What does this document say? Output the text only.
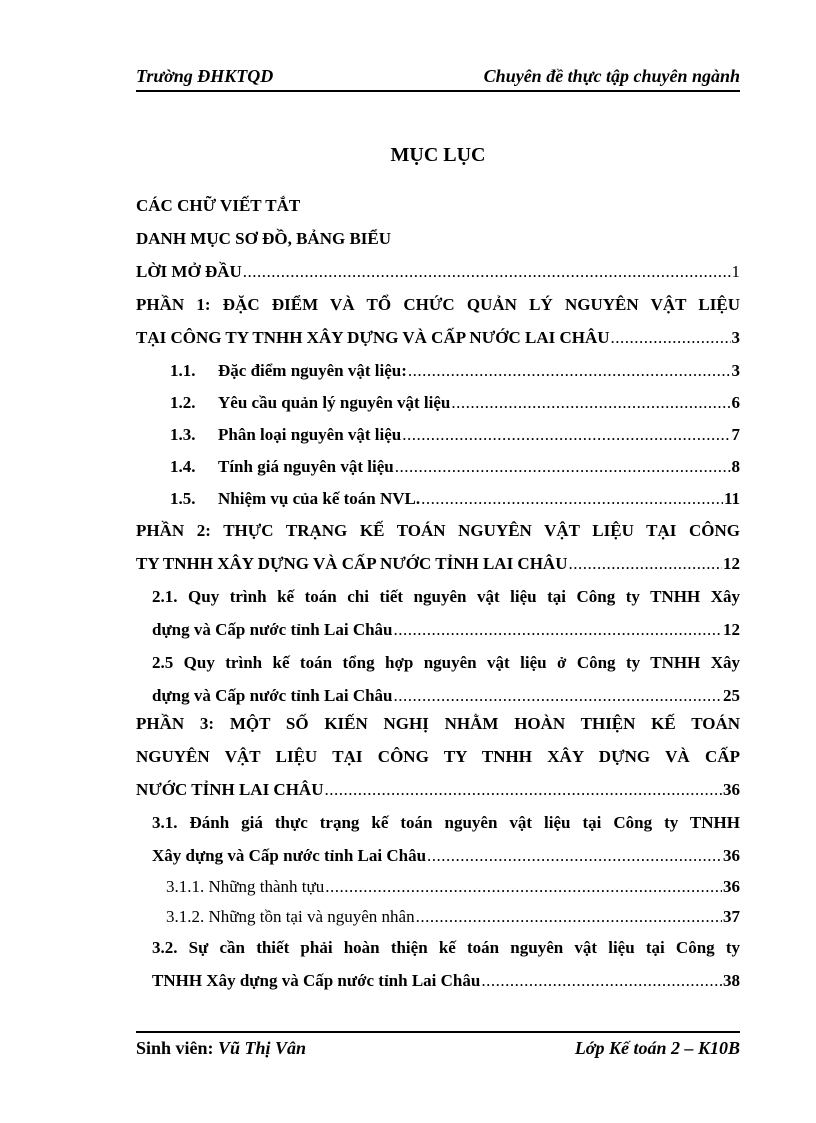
Trường ĐHKTQD	Chuyên đề thực tập chuyên ngành
MỤC LỤC
CÁC CHỮ VIẾT TẮT
DANH MỤC SƠ ĐỒ, BẢNG BIỂU
LỜI MỞ ĐẦU .....	1
PHẦN 1: ĐẶC ĐIỂM VÀ TỔ CHỨC QUẢN LÝ NGUYÊN VẬT LIỆU
TẠI CÔNG TY TNHH XÂY DỰNG VÀ CẤP NƯỚC LAI CHÂU .....	3
1.1. Đặc điểm nguyên vật liệu: .....	3
1.2. Yêu cầu quản lý nguyên vật liệu .....	6
1.3. Phân loại nguyên vật liệu .....	7
1.4. Tính giá nguyên vật liệu .....	8
1.5. Nhiệm vụ của kế toán NVL. .....	11
PHẦN 2: THỰC TRẠNG KẾ TOÁN NGUYÊN VẬT LIỆU TẠI CÔNG
TY TNHH XÂY DỰNG VÀ CẤP NƯỚC TỈNH LAI CHÂU .....	12
2.1. Quy trình kế toán chi tiết nguyên vật liệu tại Công ty TNHH Xây
dựng và Cấp nước tỉnh Lai Châu .....	12
2.5 Quy trình kế toán tổng hợp nguyên vật liệu ở Công ty TNHH Xây
dựng và Cấp nước tỉnh Lai Châu .....	25
PHẦN 3: MỘT SỐ KIẾN NGHỊ NHẰM HOÀN THIỆN KẾ TOÁN
NGUYÊN VẬT LIỆU TẠI CÔNG TY TNHH XÂY DỰNG VÀ CẤP
NƯỚC TỈNH LAI CHÂU .....	36
3.1. Đánh giá thực trạng kế toán nguyên vật liệu tại Công ty TNHH
Xây dựng và Cấp nước tỉnh Lai Châu .....	36
3.1.1. Những thành tựu .....	36
3.1.2. Những tồn tại và nguyên nhân .....	37
3.2. Sự cần thiết phải hoàn thiện kế toán nguyên vật liệu tại Công ty
TNHH Xây dựng và Cấp nước tỉnh Lai Châu .....	38
Sinh viên: Vũ Thị Vân	Lớp Kế toán 2 – K10B
